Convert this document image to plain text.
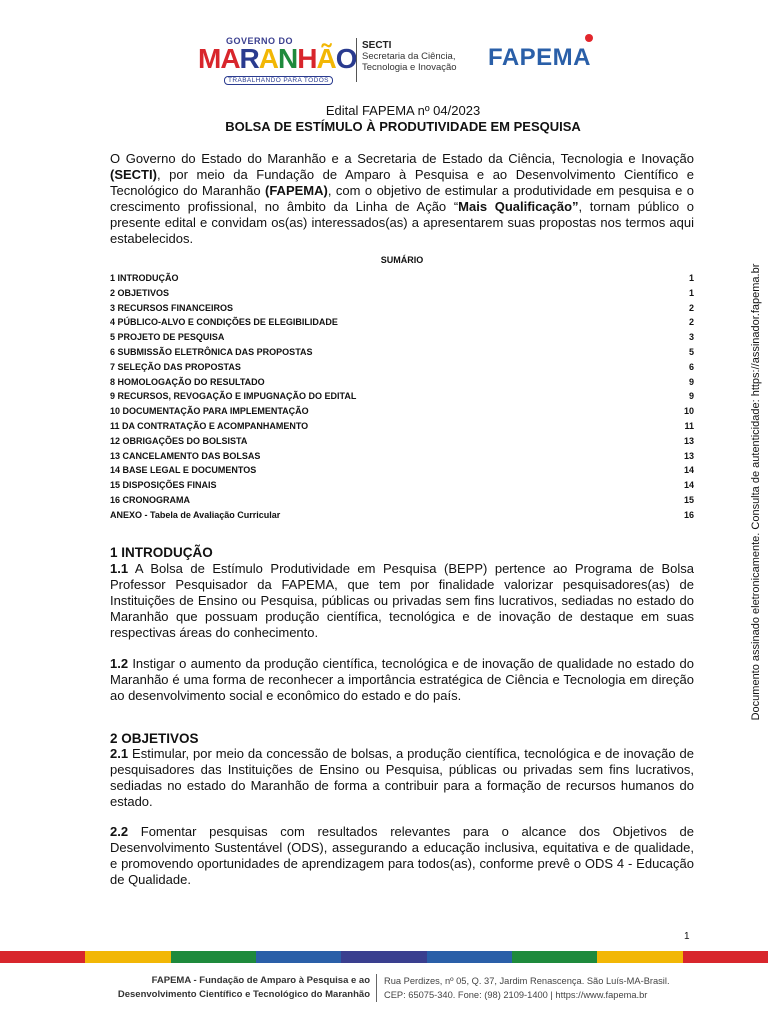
GOVERNO DO
MARANHÃO
TRABALHANDO PARA TODOS
SECTI
Secretaria da Ciência,
Tecnologia e Inovação FAPEMA
Edital FAPEMA nº 04/2023
BOLSA DE ESTÍMULO À PRODUTIVIDADE EM PESQUISA

O Governo do Estado do Maranhão e a Secretaria de Estado da Ciência, Tecnologia e Inovação (SECTI), por meio da Fundação de Amparo à Pesquisa e ao Desenvolvimento Científico e Tecnológico do Maranhão (FAPEMA), com o objetivo de estimular a produtividade em pesquisa e o crescimento profissional, no âmbito da Linha de Ação “Mais Qualificação”, tornam público o presente edital e convidam os(as) interessados(as) a apresentarem suas propostas nos termos aqui estabelecidos.

SUMÁRIO
1 INTRODUÇÃO	1
2 OBJETIVOS	1
3 RECURSOS FINANCEIROS	2
4 PÚBLICO-ALVO E CONDIÇÕES DE ELEGIBILIDADE	2
5 PROJETO DE PESQUISA	3
6 SUBMISSÃO ELETRÔNICA DAS PROPOSTAS	5
7 SELEÇÃO DAS PROPOSTAS	6
8 HOMOLOGAÇÃO DO RESULTADO	9
9 RECURSOS, REVOGAÇÃO E IMPUGNAÇÃO DO EDITAL	9
10 DOCUMENTAÇÃO PARA IMPLEMENTAÇÃO	10
11 DA CONTRATAÇÃO E ACOMPANHAMENTO	11
12 OBRIGAÇÕES DO BOLSISTA	13
13 CANCELAMENTO DAS BOLSAS	13
14 BASE LEGAL E DOCUMENTOS	14
15 DISPOSIÇÕES FINAIS	14
16 CRONOGRAMA	15
ANEXO - Tabela de Avaliação Curricular	16
1 INTRODUÇÃO

1.1 A Bolsa de Estímulo Produtividade em Pesquisa (BEPP) pertence ao Programa de Bolsa Professor Pesquisador da FAPEMA, que tem por finalidade valorizar pesquisadores(as) de Instituições de Ensino ou Pesquisa, públicas ou privadas sem fins lucrativos, sediadas no estado do Maranhão que possuam produção científica, tecnológica e de inovação de destaque em suas respectivas áreas do conhecimento.

1.2 Instigar o aumento da produção científica, tecnológica e de inovação de qualidade no estado do Maranhão é uma forma de reconhecer a importância estratégica de Ciência e Tecnologia em direção ao desenvolvimento social e econômico do estado e do país.

2 OBJETIVOS

2.1 Estimular, por meio da concessão de bolsas, a produção científica, tecnológica e de inovação de pesquisadores das Instituições de Ensino ou Pesquisa, públicas ou privadas sem fins lucrativos, sediadas no estado do Maranhão de forma a contribuir para a formação de recursos humanos do estado.

2.2 Fomentar pesquisas com resultados relevantes para o alcance dos Objetivos de Desenvolvimento Sustentável (ODS), assegurando a educação inclusiva, equitativa e de qualidade, e promovendo oportunidades de aprendizagem para todos(as), conforme prevê o ODS 4 - Educação de Qualidade.

1
FAPEMA - Fundação de Amparo à Pesquisa e ao
Desenvolvimento Científico e Tecnológico do Maranhão
Rua Perdizes, nº 05, Q. 37, Jardim Renascença. São Luís-MA-Brasil.
CEP: 65075-340. Fone: (98) 2109-1400 | https://www.fapema.br
Documento assinado eletronicamente. Consulta de autenticidade: https://assinador.fapema.br
